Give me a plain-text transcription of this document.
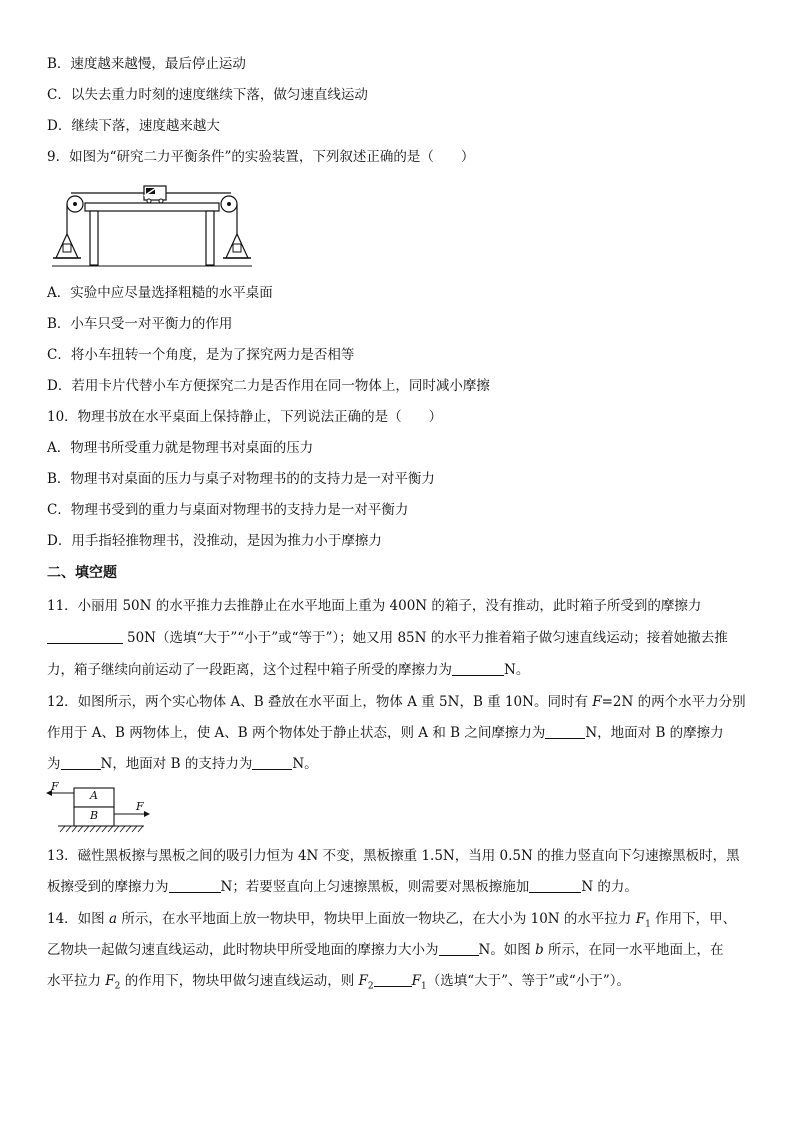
B．速度越来越慢，最后停止运动
C．以失去重力时刻的速度继续下落，做匀速直线运动
D．继续下落，速度越来越大
9．如图为“研究二力平衡条件”的实验装置，下列叙述正确的是（　　）
A．实验中应尽量选择粗糙的水平桌面
B．小车只受一对平衡力的作用
C．将小车扭转一个角度，是为了探究两力是否相等
D．若用卡片代替小车方便探究二力是否作用在同一物体上，同时减小摩擦
10．物理书放在水平桌面上保持静止，下列说法正确的是（　　）
A．物理书所受重力就是物理书对桌面的压力
B．物理书对桌面的压力与桌子对物理书的的支持力是一对平衡力
C．物理书受到的重力与桌面对物理书的支持力是一对平衡力
D．用手指轻推物理书，没推动，是因为推力小于摩擦力
二、填空题
11．小丽用 50N 的水平推力去推静止在水平地面上重为 400N 的箱子，没有推动，此时箱子所受到的摩擦力
50N（选填“大于”“小于”或“等于”）；她又用 85N 的水平力推着箱子做匀速直线运动；接着她撤去推
力，箱子继续向前运动了一段距离，这个过程中箱子所受的摩擦力为	N。
12．如图所示，两个实心物体 A、B 叠放在水平面上，物体 A 重 5N，B 重 10N。同时有 F=2N 的两个水平力分别
作用于 A、B 两物体上，使 A、B 两个物体处于静止状态，则 A 和 B 之间摩擦力为	N，地面对 B 的摩擦力
为	N，地面对 B 的支持力为	N。
A
B
F
F
13．磁性黑板擦与黑板之间的吸引力恒为 4N 不变，黑板擦重 1.5N，当用 0.5N 的推力竖直向下匀速擦黑板时，黑
板擦受到的摩擦力为	N；若要竖直向上匀速擦黑板，则需要对黑板擦施加	N 的力。
14．如图 a 所示，在水平地面上放一物块甲，物块甲上面放一物块乙，在大小为 10N 的水平拉力 $F_1$ 作用下，甲、
乙物块一起做匀速直线运动，此时物块甲所受地面的摩擦力大小为	N。如图 b 所示，在同一水平地面上，在
水平拉力 $F_2$ 的作用下，物块甲做匀速直线运动，则 $F_2$	$F_1$（选填“大于”、等于”或“小于”）。
